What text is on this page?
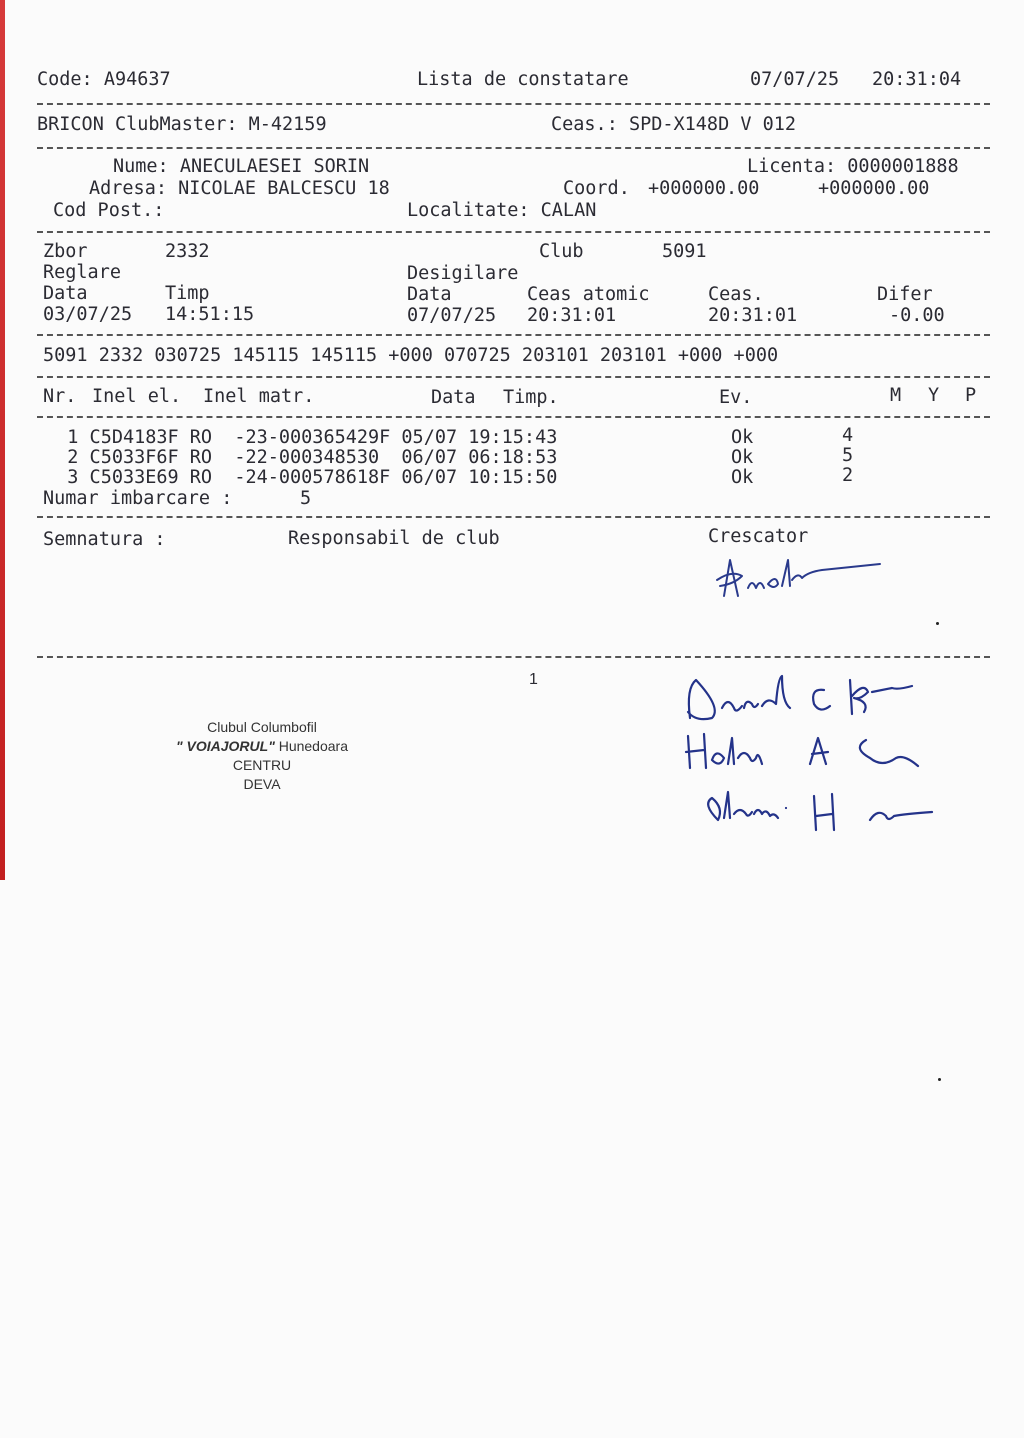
Code: A94637	Lista de constatare	07/07/25 20:31:04
BRICON ClubMaster: M-42159	Ceas.: SPD-X148D V 012
Nume: ANECULAESEI SORIN	Licenta: 0000001888
Adresa: NICOLAE BALCESCU 18	Coord. +000000.00	+000000.00
Cod Post.:	Localitate: CALAN
Zbor	2332	Club	5091
Reglare	Desigilare
Data	Timp	Data	Ceas atomic	Ceas.	Difer
03/07/25 14:51:15	07/07/25 20:31:01	20:31:01	-0.00
5091 2332 030725 145115 145115 +000 070725 203101 203101 +000 +000
Nr. Inel el. Inel matr.	Data Timp.	Ev.	M Y P
1 C5D4183F RO  -23-000365429F 05/07 19:15:43	Ok	4
2 C5033F6F RO  -22-000348530  06/07 06:18:53	Ok	5
3 C5033E69 RO  -24-000578618F 06/07 10:15:50	Ok	2
Numar imbarcare :	5
Semnatura :	Responsabil de club	Crescator
1
Clubul Columbofil
" VOIAJORUL" Hunedoara
CENTRU
DEVA
